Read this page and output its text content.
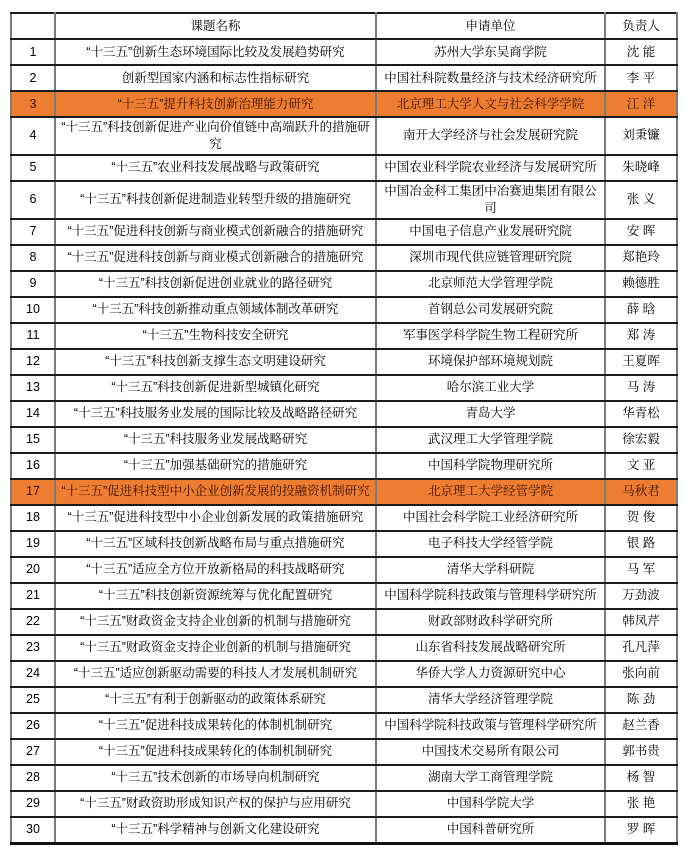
	课题名称	申请单位	负责人
1	“十三五”创新生态环境国际比较及发展趋势研究	苏州大学东吴商学院	沈 能
2	创新型国家内涵和标志性指标研究	中国社科院数量经济与技术经济研究所	李 平
3	“十三五”提升科技创新治理能力研究	北京理工大学人文与社会科学学院	江 洋
4	“十三五”科技创新促进产业向价值链中高端跃升的措施研究	南开大学经济与社会发展研究院	刘秉镰
5	“十三五”农业科技发展战略与政策研究	中国农业科学院农业经济与发展研究所	朱晓峰
6	“十三五”科技创新促进制造业转型升级的措施研究	中国冶金科工集团中冶赛迪集团有限公司	张 义
7	“十三五”促进科技创新与商业模式创新融合的措施研究	中国电子信息产业发展研究院	安 晖
8	“十三五”促进科技创新与商业模式创新融合的措施研究	深圳市现代供应链管理研究院	郑艳玲
9	“十三五”科技创新促进创业就业的路径研究	北京师范大学管理学院	赖德胜
10	“十三五”科技创新推动重点领域体制改革研究	首钢总公司发展研究院	薛 晗
11	“十三五”生物科技安全研究	军事医学科学院生物工程研究所	郑 涛
12	“十三五”科技创新支撑生态文明建设研究	环境保护部环境规划院	王夏晖
13	“十三五”科技创新促进新型城镇化研究	哈尔滨工业大学	马 涛
14	“十三五”科技服务业发展的国际比较及战略路径研究	青岛大学	华青松
15	“十三五”科技服务业发展战略研究	武汉理工大学管理学院	徐宏毅
16	“十三五”加强基础研究的措施研究	中国科学院物理研究所	文 亚
17	“十三五”促进科技型中小企业创新发展的投融资机制研究	北京理工大学经管学院	马秋君
18	“十三五”促进科技型中小企业创新发展的政策措施研究	中国社会科学院工业经济研究所	贺 俊
19	“十三五”区域科技创新战略布局与重点措施研究	电子科技大学经管学院	银 路
20	“十三五”适应全方位开放新格局的科技战略研究	清华大学科研院	马 军
21	“十三五”科技创新资源统筹与优化配置研究	中国科学院科技政策与管理科学研究所	万劲波
22	“十三五”财政资金支持企业创新的机制与措施研究	财政部财政科学研究所	韩凤芹
23	“十三五”财政资金支持企业创新的机制与措施研究	山东省科技发展战略研究所	孔凡萍
24	“十三五”适应创新驱动需要的科技人才发展机制研究	华侨大学人力资源研究中心	张向前
25	“十三五”有利于创新驱动的政策体系研究	清华大学经济管理学院	陈 劲
26	“十三五”促进科技成果转化的体制机制研究	中国科学院科技政策与管理科学研究所	赵兰香
27	“十三五”促进科技成果转化的体制机制研究	中国技术交易所有限公司	郭书贵
28	“十三五”技术创新的市场导向机制研究	湖南大学工商管理学院	杨 智
29	“十三五”财政资助形成知识产权的保护与应用研究	中国科学院大学	张 艳
30	“十三五”科学精神与创新文化建设研究	中国科普研究所	罗 晖
